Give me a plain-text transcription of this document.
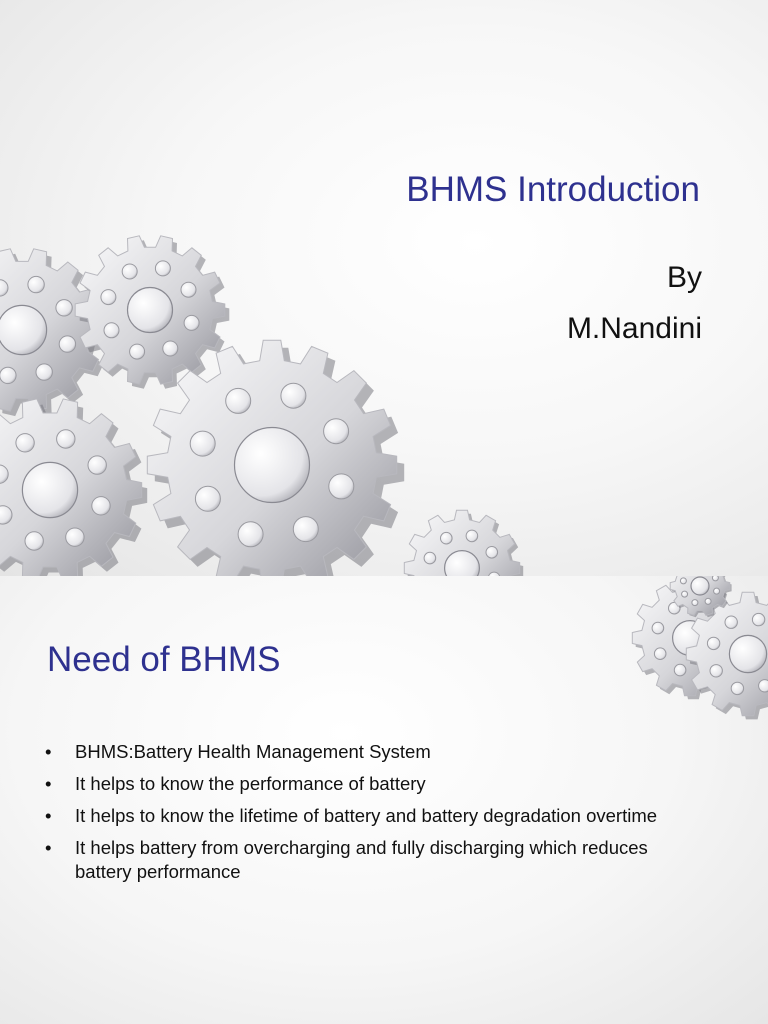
BHMS Introduction
By
M.Nandini
Need of BHMS
• BHMS:Battery Health Management System
• It helps to know the performance of battery
• It helps to know the lifetime of battery and battery degradation overtime
• It helps battery from overcharging and fully discharging which reduces battery performance
